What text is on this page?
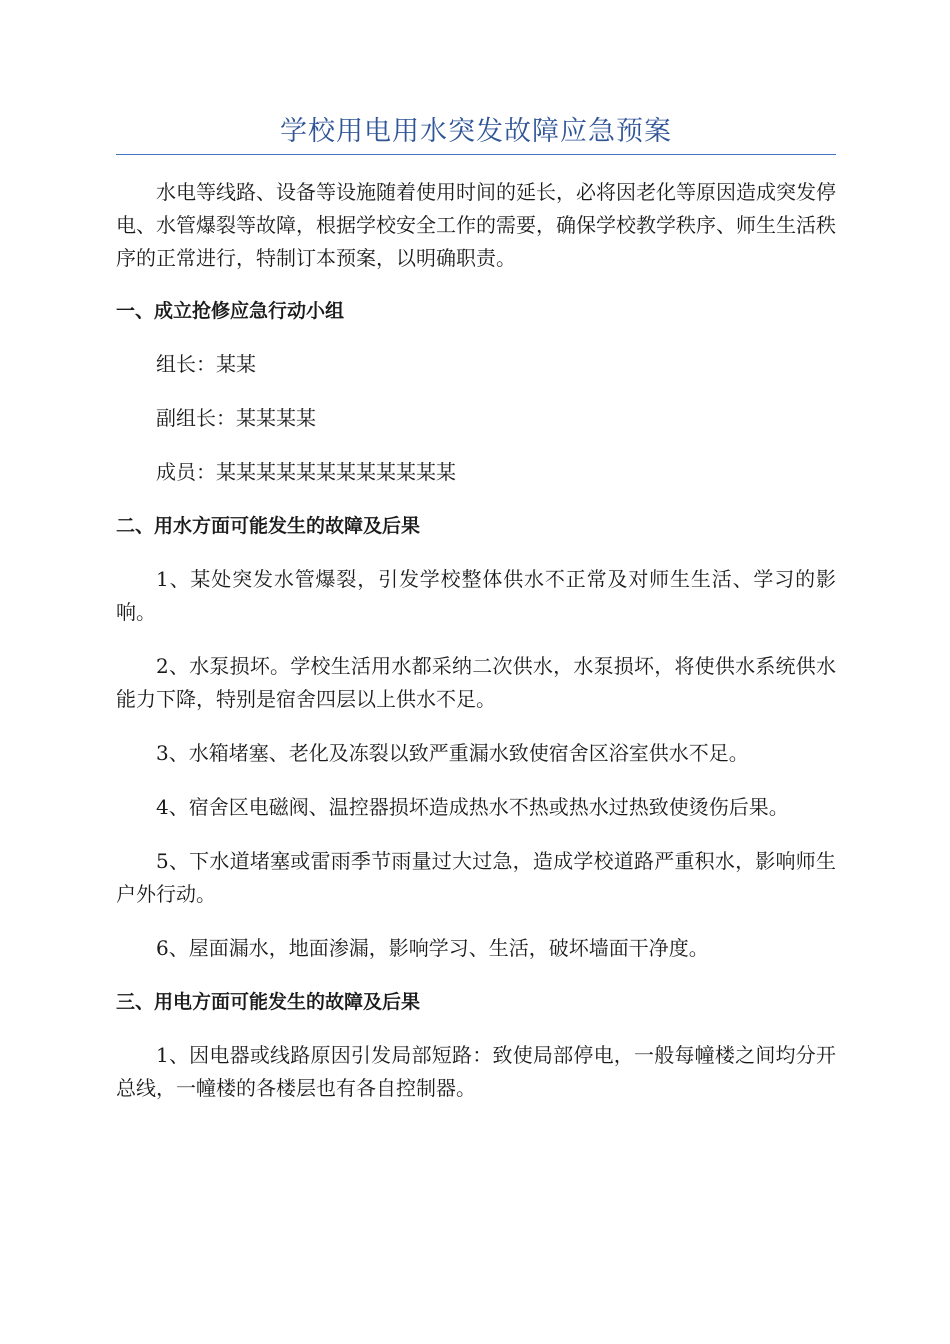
学校用电用水突发故障应急预案

水电等线路、设备等设施随着使用时间的延长，必将因老化等原因造成突发停电、水管爆裂等故障，根据学校安全工作的需要，确保学校教学秩序、师生生活秩序的正常进行，特制订本预案，以明确职责。

一、成立抢修应急行动小组

组长：某某

副组长：某某某某

成员：某某某某某某某某某某某某

二、用水方面可能发生的故障及后果

1、某处突发水管爆裂，引发学校整体供水不正常及对师生生活、学习的影响。

2、水泵损坏。学校生活用水都采纳二次供水，水泵损坏，将使供水系统供水能力下降，特别是宿舍四层以上供水不足。

3、水箱堵塞、老化及冻裂以致严重漏水致使宿舍区浴室供水不足。

4、宿舍区电磁阀、温控器损坏造成热水不热或热水过热致使烫伤后果。

5、下水道堵塞或雷雨季节雨量过大过急，造成学校道路严重积水，影响师生户外行动。

6、屋面漏水，地面渗漏，影响学习、生活，破坏墙面干净度。

三、用电方面可能发生的故障及后果

1、因电器或线路原因引发局部短路：致使局部停电，一般每幢楼之间均分开总线，一幢楼的各楼层也有各自控制器。
